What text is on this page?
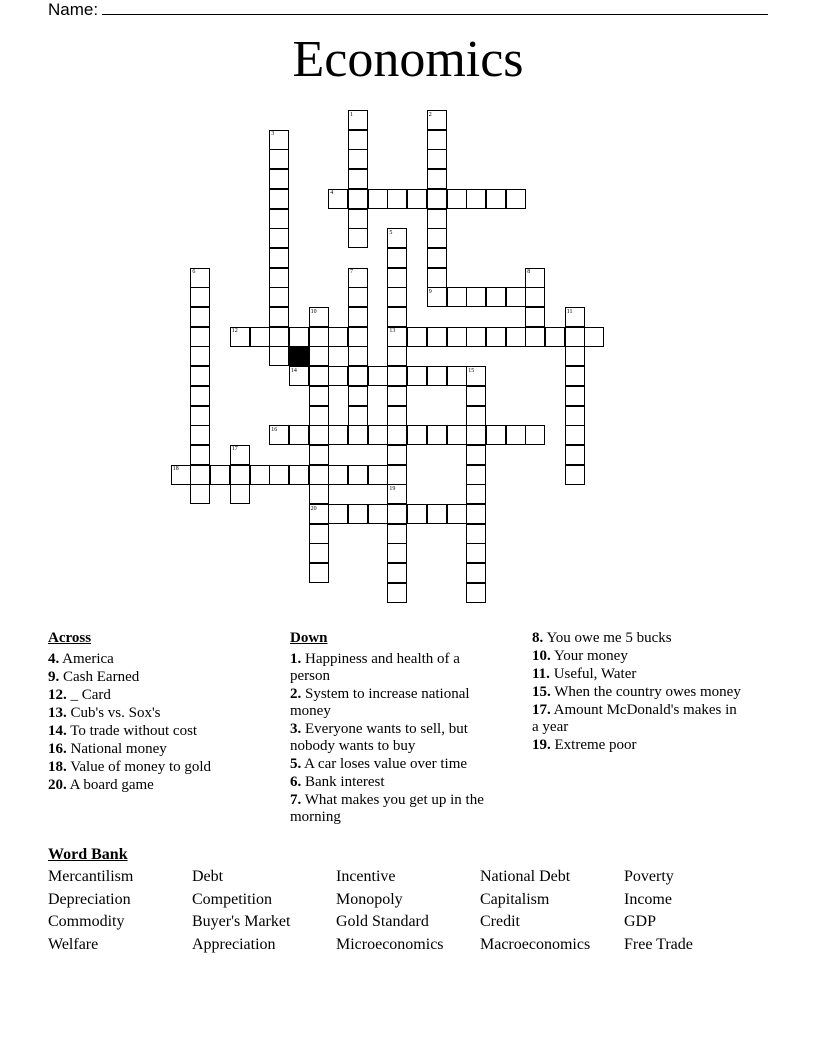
Name:
Economics
1	2
3
4
5
6	7	8
9
10	11
12	13
14	15
16
17
18
19
20
Across
4. America
9. Cash Earned
12. _ Card
13. Cub's vs. Sox's
14. To trade without cost
16. National money
18. Value of money to gold
20. A board game
Down
1. Happiness and health of a person
2. System to increase national money
3. Everyone wants to sell, but nobody wants to buy
5. A car loses value over time
6. Bank interest
7. What makes you get up in the morning
8. You owe me 5 bucks
10. Your money
11. Useful, Water
15. When the country owes money
17. Amount McDonald's makes in a year
19. Extreme poor
Word Bank
Mercantilism	Debt	Incentive	National Debt	Poverty
Depreciation	Competition	Monopoly	Capitalism	Income
Commodity	Buyer's Market	Gold Standard	Credit	GDP
Welfare	Appreciation	Microeconomics	Macroeconomics	Free Trade
